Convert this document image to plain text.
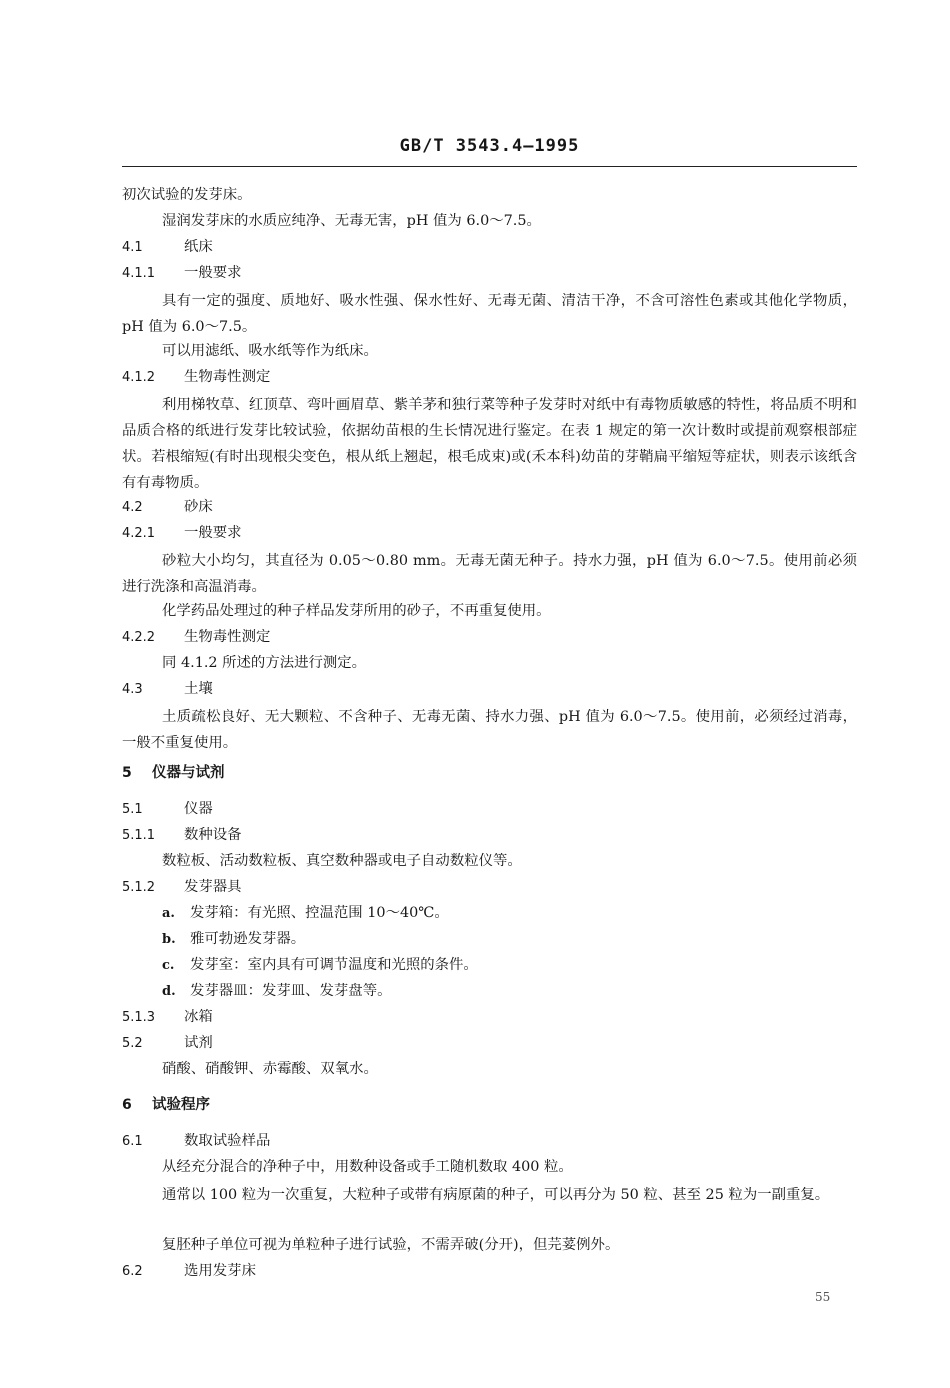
GB/T 3543.4—1995
初次试验的发芽床。
湿润发芽床的水质应纯净、无毒无害，pH 值为 6.0～7.5。
4.1	纸床
4.1.1 一般要求
具有一定的强度、质地好、吸水性强、保水性好、无毒无菌、清洁干净，不含可溶性色素或其他化学物质，pH 值为 6.0～7.5。
可以用滤纸、吸水纸等作为纸床。
4.1.2 生物毒性测定
利用梯牧草、红顶草、弯叶画眉草、紫羊茅和独行菜等种子发芽时对纸中有毒物质敏感的特性，将品质不明和品质合格的纸进行发芽比较试验，依据幼苗根的生长情况进行鉴定。在表 1 规定的第一次计数时或提前观察根部症状。若根缩短(有时出现根尖变色，根从纸上翘起，根毛成束)或(禾本科)幼苗的芽鞘扁平缩短等症状，则表示该纸含有有毒物质。
4.2	砂床
4.2.1 一般要求
砂粒大小均匀，其直径为 0.05～0.80 mm。无毒无菌无种子。持水力强，pH 值为 6.0～7.5。使用前必须进行洗涤和高温消毒。
化学药品处理过的种子样品发芽所用的砂子，不再重复使用。
4.2.2 生物毒性测定
同 4.1.2 所述的方法进行测定。
4.3	土壤
土质疏松良好、无大颗粒、不含种子、无毒无菌、持水力强、pH 值为 6.0～7.5。使用前，必须经过消毒，一般不重复使用。
5 仪器与试剂
5.1	仪器
5.1.1 数种设备
数粒板、活动数粒板、真空数种器或电子自动数粒仪等。
5.1.2 发芽器具
a. 发芽箱：有光照、控温范围 10～40℃。
b. 雅可勃逊发芽器。
c. 发芽室：室内具有可调节温度和光照的条件。
d. 发芽器皿：发芽皿、发芽盘等。
5.1.3 冰箱
5.2	试剂
硝酸、硝酸钾、赤霉酸、双氧水。
6 试验程序
6.1	数取试验样品
从经充分混合的净种子中，用数种设备或手工随机数取 400 粒。
通常以 100 粒为一次重复，大粒种子或带有病原菌的种子，可以再分为 50 粒、甚至 25 粒为一副重复。
复胚种子单位可视为单粒种子进行试验，不需弄破(分开)，但芫荽例外。
6.2	选用发芽床
55
